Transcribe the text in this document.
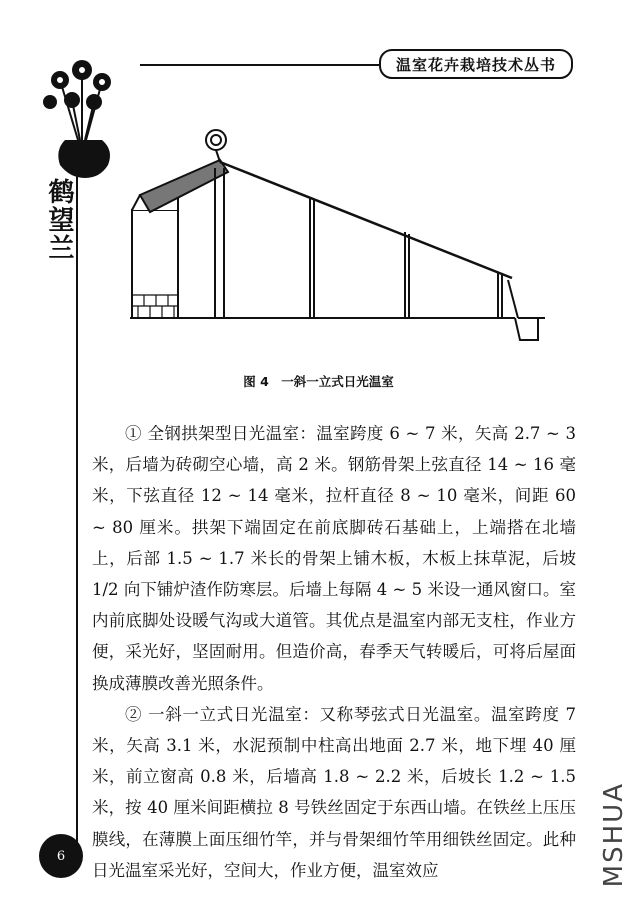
温室花卉栽培技术丛书
鹤望兰
图 4　一斜一立式日光温室

① 全钢拱架型日光温室：温室跨度 6 ~ 7 米，矢高 2.7 ~ 3 米，后墙为砖砌空心墙，高 2 米。钢筋骨架上弦直径 14 ~ 16 毫米，下弦直径 12 ~ 14 毫米，拉杆直径 8 ~ 10 毫米，间距 60 ~ 80 厘米。拱架下端固定在前底脚砖石基础上，上端搭在北墙上，后部 1.5 ~ 1.7 米长的骨架上铺木板，木板上抹草泥，后坡 1/2 向下铺炉渣作防寒层。后墙上每隔 4 ~ 5 米设一通风窗口。室内前底脚处设暖气沟或大道管。其优点是温室内部无支柱，作业方便，采光好，坚固耐用。但造价高，春季天气转暖后，可将后屋面换成薄膜改善光照条件。

② 一斜一立式日光温室：又称琴弦式日光温室。温室跨度 7 米，矢高 3.1 米，水泥预制中柱高出地面 2.7 米，地下埋 40 厘米，前立窗高 0.8 米，后墙高 1.8 ~ 2.2 米，后坡长 1.2 ~ 1.5 米，按 40 厘米间距横拉 8 号铁丝固定于东西山墙。在铁丝上压压膜线，在薄膜上面压细竹竿，并与骨架细竹竿用细铁丝固定。此种日光温室采光好，空间大，作业方便，温室效应

6	MSHUA
